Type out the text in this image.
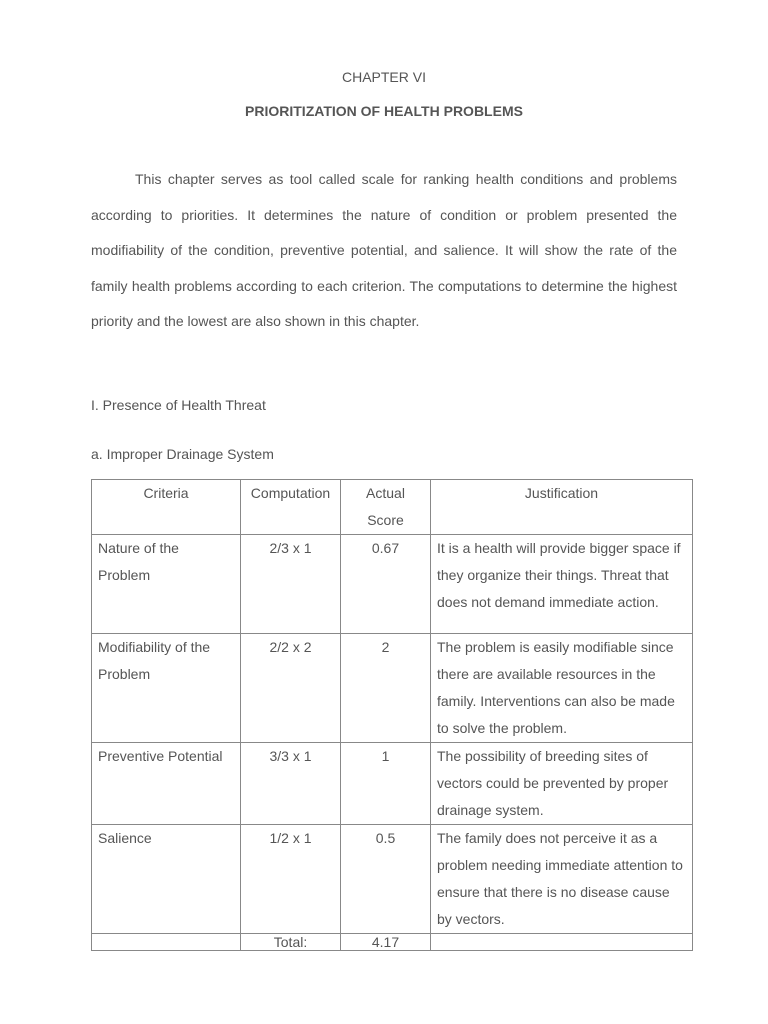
CHAPTER VI
PRIORITIZATION OF HEALTH PROBLEMS

This chapter serves as tool called scale for ranking health conditions and problems according to priorities. It determines the nature of condition or problem presented the modifiability of the condition, preventive potential, and salience. It will show the rate of the family health problems according to each criterion. The computations to determine the highest priority and the lowest are also shown in this chapter.

I. Presence of Health Threat
a. Improper Drainage System
Criteria	Computation	Actual Score	Justification
Nature of the Problem	2/3 x 1	0.67	It is a health will provide bigger space if they organize their things. Threat that does not demand immediate action.
Modifiability of the Problem	2/2 x 2	2	The problem is easily modifiable since there are available resources in the family. Interventions can also be made to solve the problem.
Preventive Potential	3/3 x 1	1	The possibility of breeding sites of vectors could be prevented by proper drainage system.
Salience	1/2 x 1	0.5	The family does not perceive it as a problem needing immediate attention to ensure that there is no disease cause by vectors.
	Total:	4.17	
